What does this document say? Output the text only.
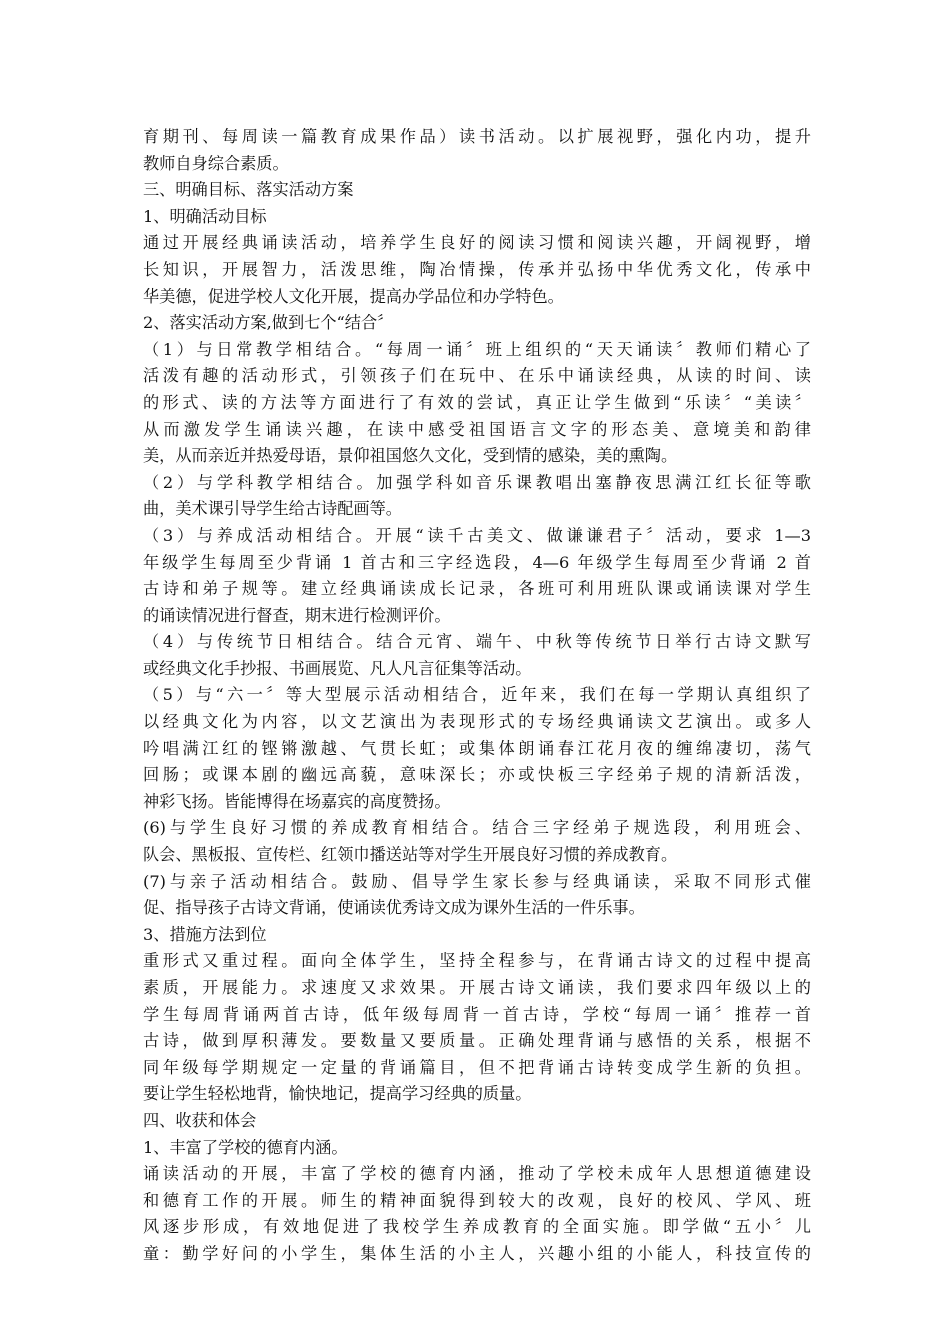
育期刊、每周读一篇教育成果作品）读书活动。以扩展视野，强化内功，提升
教师自身综合素质。
三、明确目标、落实活动方案
1、明确活动目标
通过开展经典诵读活动，培养学生良好的阅读习惯和阅读兴趣，开阔视野，增
长知识，开展智力，活泼思维，陶冶情操，传承并弘扬中华优秀文化，传承中
华美德，促进学校人文化开展，提高办学品位和办学特色。
2、落实活动方案,做到七个“结合〞
（1）与日常教学相结合。“每周一诵〞班上组织的“天天诵读〞教师们精心了
活泼有趣的活动形式，引领孩子们在玩中、在乐中诵读经典，从读的时间、读
的形式、读的方法等方面进行了有效的尝试，真正让学生做到“乐读〞“美读〞
从而激发学生诵读兴趣，在读中感受祖国语言文字的形态美、意境美和韵律
美，从而亲近并热爱母语，景仰祖国悠久文化，受到情的感染，美的熏陶。
（2）与学科教学相结合。加强学科如音乐课教唱出塞静夜思满江红长征等歌
曲，美术课引导学生给古诗配画等。
（3）与养成活动相结合。开展“读千古美文、做谦谦君子〞活动，要求 1—3
年级学生每周至少背诵 1 首古和三字经选段，4—6 年级学生每周至少背诵 2 首
古诗和弟子规等。建立经典诵读成长记录，各班可利用班队课或诵读课对学生
的诵读情况进行督查，期末进行检测评价。
（4）与传统节日相结合。结合元宵、端午、中秋等传统节日举行古诗文默写
或经典文化手抄报、书画展览、凡人凡言征集等活动。
（5）与“六一〞等大型展示活动相结合，近年来，我们在每一学期认真组织了
以经典文化为内容，以文艺演出为表现形式的专场经典诵读文艺演出。或多人
吟唱满江红的铿锵激越、气贯长虹；或集体朗诵春江花月夜的缠绵凄切，荡气
回肠；或课本剧的幽远高藐，意味深长；亦或快板三字经弟子规的清新活泼，
神彩飞扬。皆能博得在场嘉宾的高度赞扬。
(6)与学生良好习惯的养成教育相结合。结合三字经弟子规选段，利用班会、
队会、黑板报、宣传栏、红领巾播送站等对学生开展良好习惯的养成教育。
(7)与亲子活动相结合。鼓励、倡导学生家长参与经典诵读，采取不同形式催
促、指导孩子古诗文背诵，使诵读优秀诗文成为课外生活的一件乐事。
3、措施方法到位
重形式又重过程。面向全体学生，坚持全程参与，在背诵古诗文的过程中提高
素质，开展能力。求速度又求效果。开展古诗文诵读，我们要求四年级以上的
学生每周背诵两首古诗，低年级每周背一首古诗，学校“每周一诵〞推荐一首
古诗，做到厚积薄发。要数量又要质量。正确处理背诵与感悟的关系，根据不
同年级每学期规定一定量的背诵篇目，但不把背诵古诗转变成学生新的负担。
要让学生轻松地背，愉快地记，提高学习经典的质量。
四、收获和体会
1、丰富了学校的德育内涵。
诵读活动的开展，丰富了学校的德育内涵，推动了学校未成年人思想道德建设
和德育工作的开展。师生的精神面貌得到较大的改观，良好的校风、学风、班
风逐步形成，有效地促进了我校学生养成教育的全面实施。即学做“五小〞儿
童：勤学好问的小学生，集体生活的小主人，兴趣小组的小能人，科技宣传的
